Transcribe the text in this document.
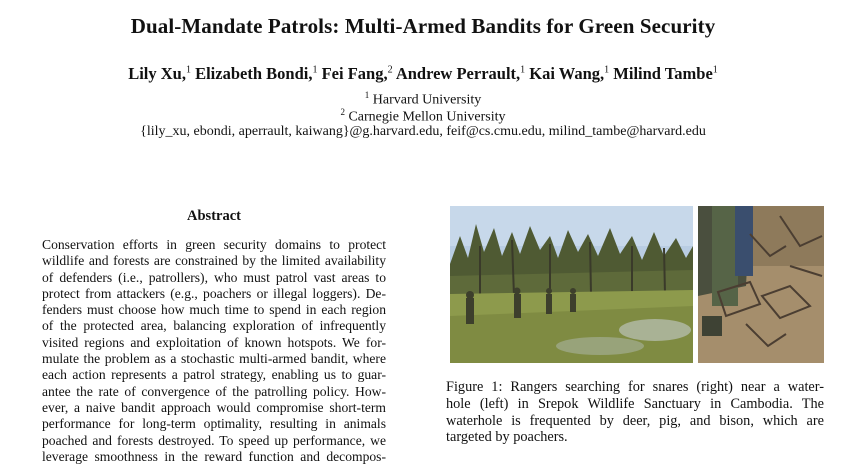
Dual-Mandate Patrols: Multi-Armed Bandits for Green Security
Lily Xu,$^1$ Elizabeth Bondi,$^1$ Fei Fang,$^2$ Andrew Perrault,$^1$ Kai Wang,$^1$ Milind Tambe$^1$
$^1$ Harvard University
$^2$ Carnegie Mellon University
{lily_xu, ebondi, aperrault, kaiwang}@g.harvard.edu, feif@cs.cmu.edu, milind_tambe@harvard.edu
Abstract
Conservation efforts in green security domains to protect
wildlife and forests are constrained by the limited availability
of defenders (i.e., patrollers), who must patrol vast areas to
protect from attackers (e.g., poachers or illegal loggers). De-
fenders must choose how much time to spend in each region
of the protected area, balancing exploration of infrequently
visited regions and exploitation of known hotspots. We for-
mulate the problem as a stochastic multi-armed bandit, where
each action represents a patrol strategy, enabling us to guar-
antee the rate of convergence of the patrolling policy. How-
ever, a naive bandit approach would compromise short-term
performance for long-term optimality, resulting in animals
poached and forests destroyed. To speed up performance, we
leverage smoothness in the reward function and decompos-
Figure 1: Rangers searching for snares (right) near a water-
hole (left) in Srepok Wildlife Sanctuary in Cambodia. The
waterhole is frequented by deer, pig, and bison, which are
targeted by poachers.
